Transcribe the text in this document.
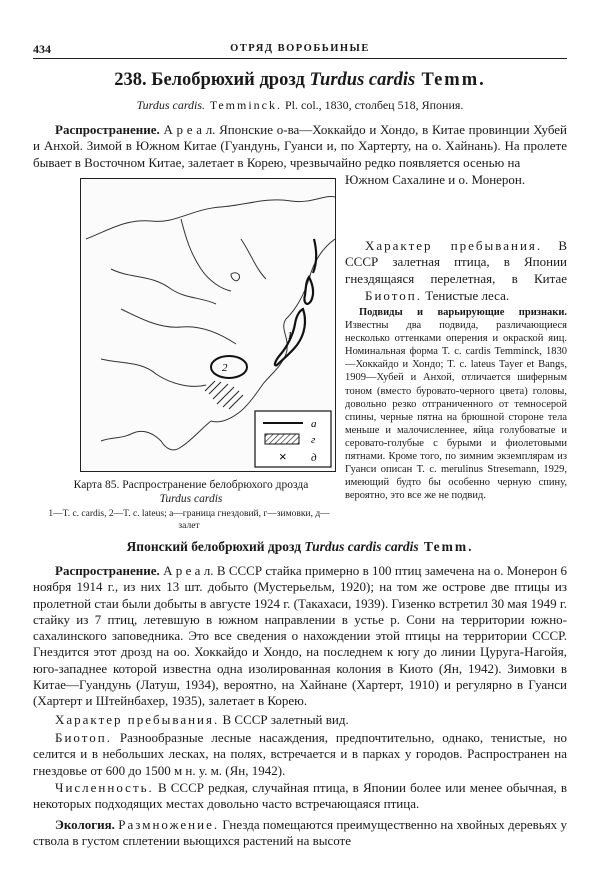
434	ОТРЯД ВОРОБЬИНЫЕ
238. Белобрюхий дрозд Turdus cardis Temm.
Turdus cardis. Temminck. Pl. col., 1830, столбец 518, Япония.
Распространение. А р е а л. Японские о-ва—Хоккайдо и Хондо, в Китае провинции Хубей и Анхой. Зимой в Южном Китае (Гуандунь, Гуанси и, по Хартерту, на о. Хайнань). На пролете бывает в Восточном Китае, залетает в Корею, чрезвычайно редко появляется осенью на
Южном Сахалине и о. Монерон.
Характер пребывания. В СССР залетная птица, в Японии гнездящаяся перелетная, в Китае
Биотоп. Тенистые леса.
Подвиды и варьирующие признаки. Известны два подвида, различающиеся несколько оттенками оперения и окраской яиц. Номинальная форма T. c. cardis Temminck, 1830—Хоккайдо и Хондо; T. c. lateus Tayer et Bangs, 1909—Хубей и Анхой, отличается шиферным тоном (вместо буровато-черного цвета) головы, довольно резко отграниченного от темносерой спины, черные пятна на брюшной стороне тела меньше и малочисленнее, яйца голубоватые и серовато-голубые с бурыми и фиолетовыми пятнами. Кроме того, по зимним экземплярам из Гуанси описан T. c. merulinus Stresemann, 1929, имеющий будто бы особенно черную спину, вероятно, это все же не подвид.
2
1
а
г
× д
Карта 85. Распространение белобрюхого дрозда
Turdus cardis
1—T. c. cardis, 2—T. c. lateus; а—граница гнездовий, г—зимовки, д—залет
Японский белобрюхий дрозд Turdus cardis cardis Temm.
Распространение. А р е а л. В СССР стайка примерно в 100 птиц замечена на о. Монерон 6 ноября 1914 г., из них 13 шт. добыто (Мустерьельм, 1920); на том же острове две птицы из пролетной стаи были добыты в августе 1924 г. (Такахаси, 1939). Гизенко встретил 30 мая 1949 г. стайку из 7 птиц, летевшую в южном направлении в устье р. Сони на территории южно-сахалинского заповедника. Это все сведения о нахождении этой птицы на территории СССР. Гнездится этот дрозд на оо. Хоккайдо и Хондо, на последнем к югу до линии Цуруга-Нагойя, юго-западнее которой известна одна изолированная колония в Киото (Ян, 1942). Зимовки в Китае—Гуандунь (Латуш, 1934), вероятно, на Хайнане (Хартерт, 1910) и регулярно в Гуанси (Хартерт и Штейнбахер, 1935), залетает в Корею.
Характер пребывания. В СССР залетный вид.
Биотоп. Разнообразные лесные насаждения, предпочтительно, однако, тенистые, но селится и в небольших лесках, на полях, встречается и в парках у городов. Распространен на гнездовье от 600 до 1500 м н. у. м. (Ян, 1942).
Численность. В СССР редкая, случайная птица, в Японии более или менее обычная, в некоторых подходящих местах довольно часто встречающаяся птица.
Экология. Размножение. Гнезда помещаются преимущественно на хвойных деревьях у ствола в густом сплетении вьющихся растений на высоте
